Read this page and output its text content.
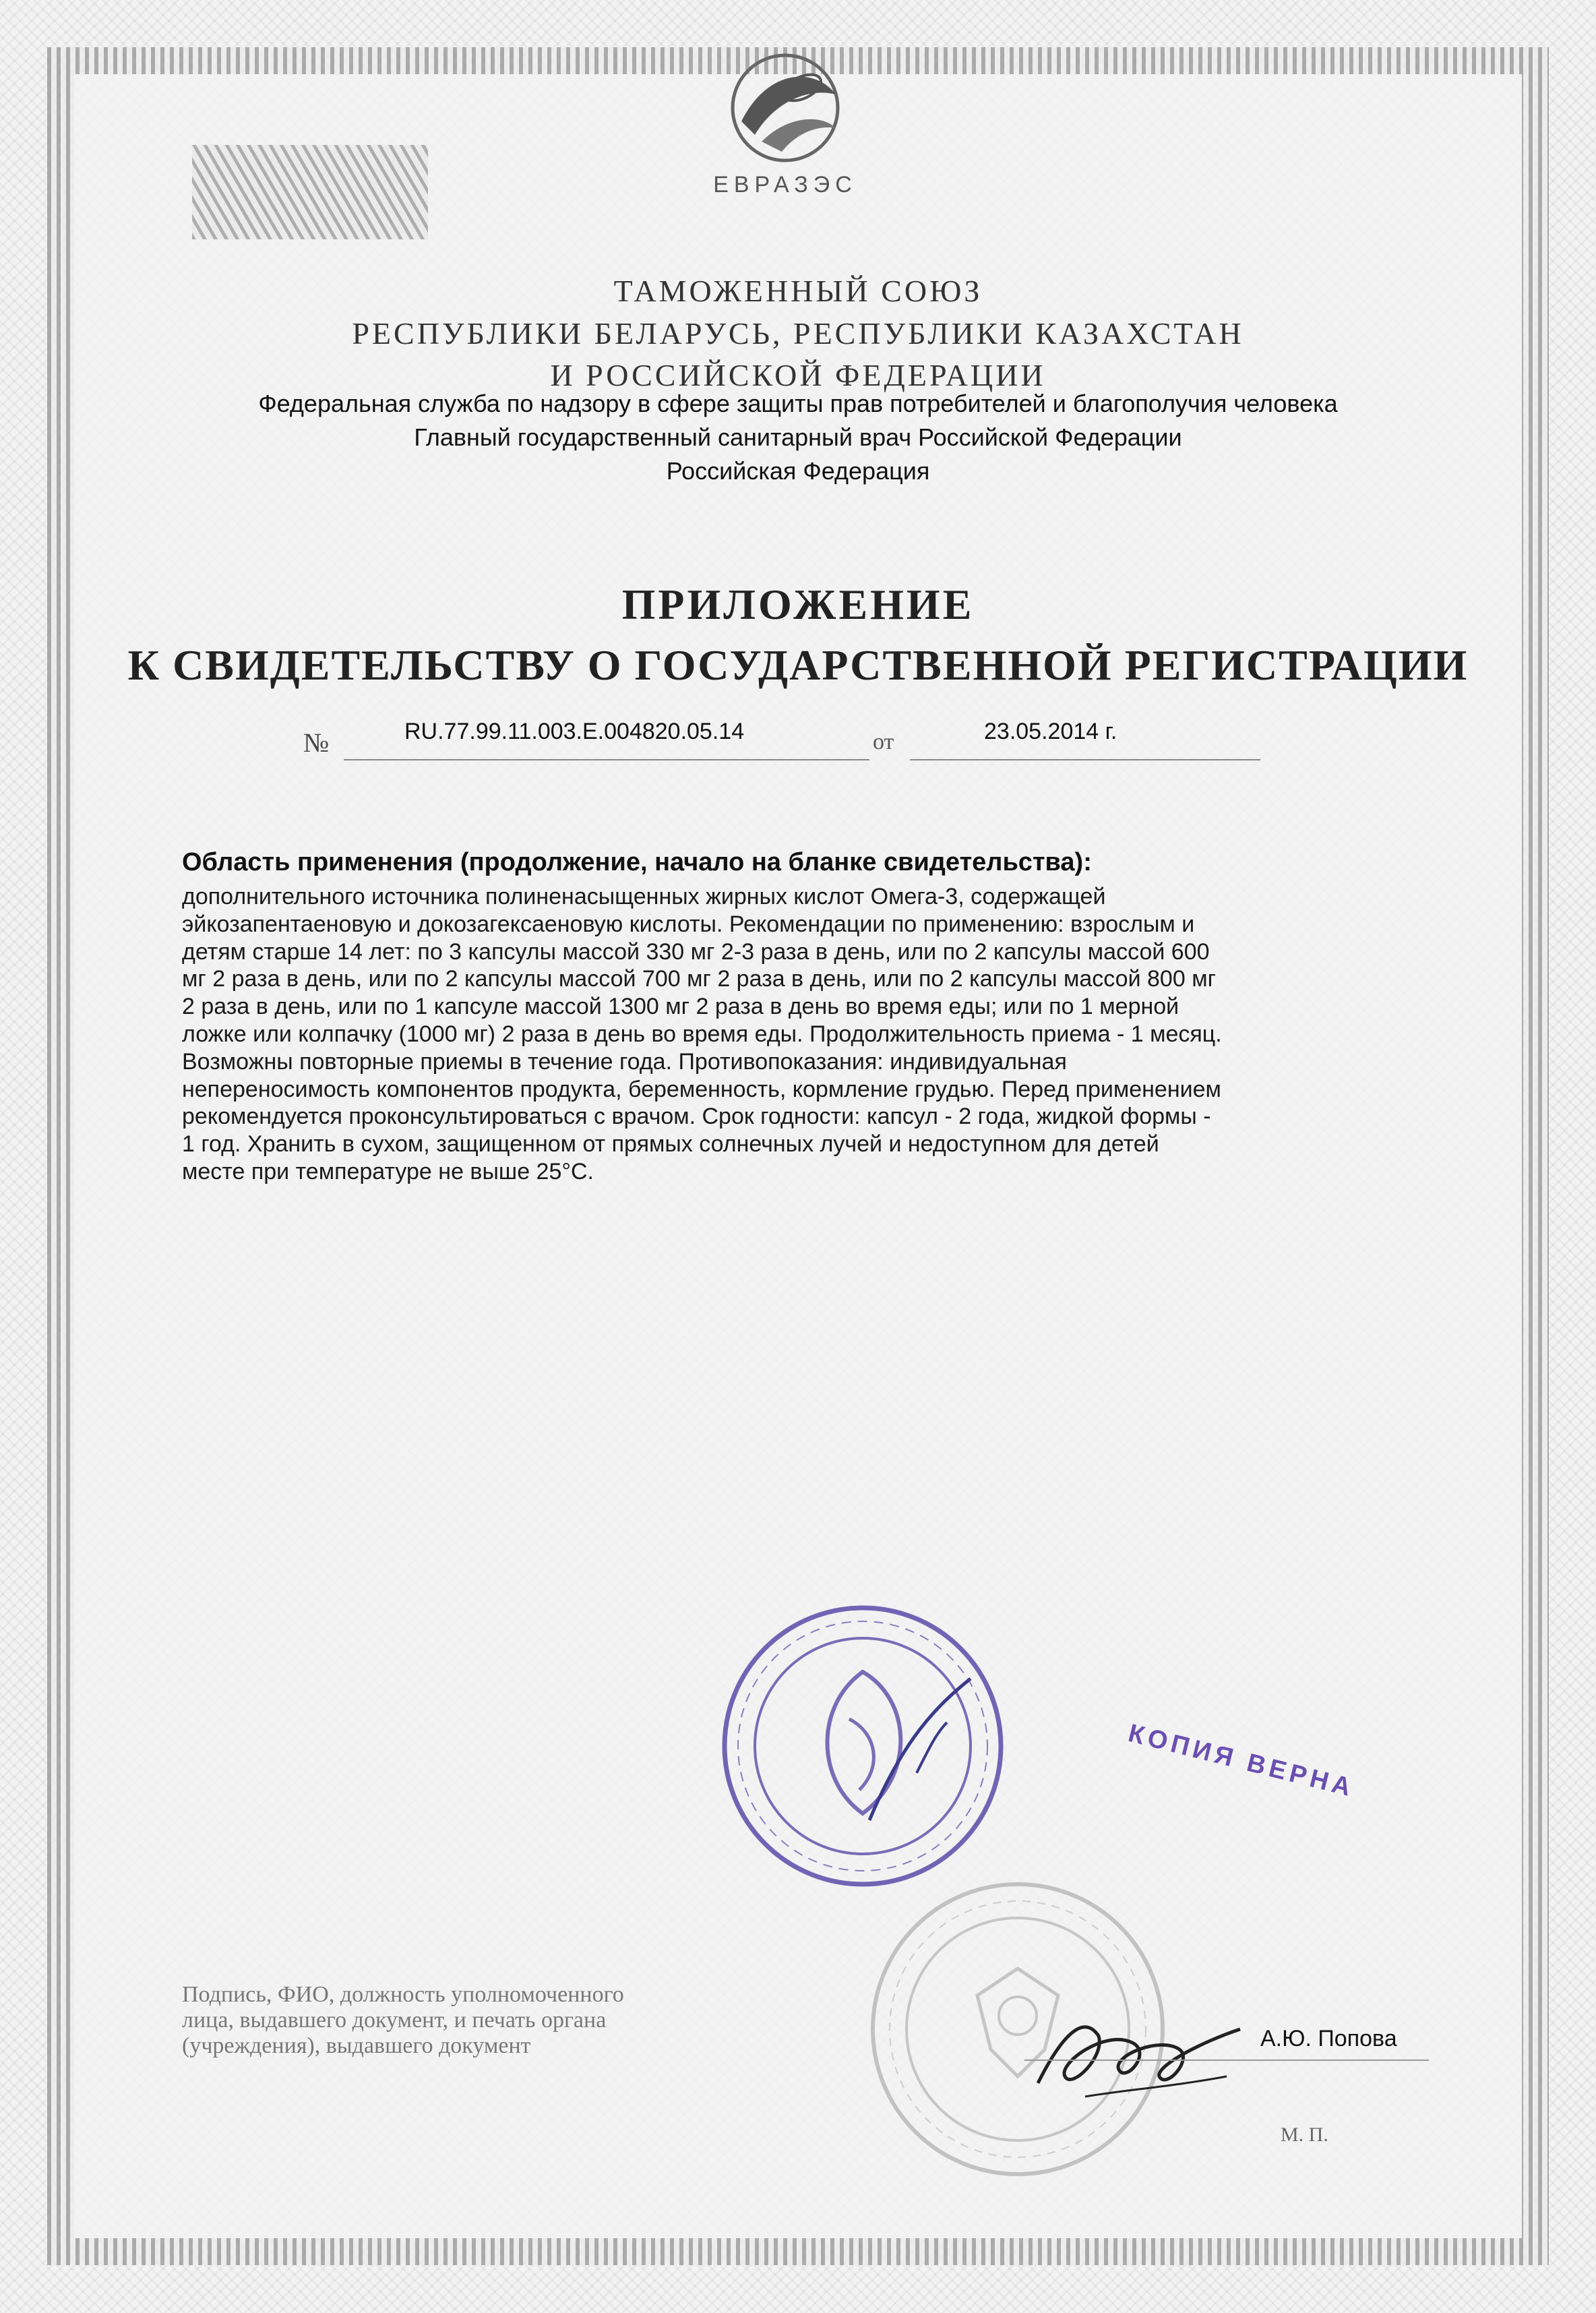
ЕВРАЗЭС
ТАМОЖЕННЫЙ СОЮЗ
РЕСПУБЛИКИ БЕЛАРУСЬ, РЕСПУБЛИКИ КАЗАХСТАН
И РОССИЙСКОЙ ФЕДЕРАЦИИ
Федеральная служба по надзору в сфере защиты прав потребителей и благополучия человека
Главный государственный санитарный врач Российской Федерации
Российская Федерация
ПРИЛОЖЕНИЕ
К СВИДЕТЕЛЬСТВУ О ГОСУДАРСТВЕННОЙ РЕГИСТРАЦИИ
№	RU.77.99.11.003.Е.004820.05.14	от	23.05.2014 г.
Область применения (продолжение, начало на бланке свидетельства):
дополнительного источника полиненасыщенных жирных кислот Омега-3, содержащей
эйкозапентаеновую и докозагексаеновую кислоты. Рекомендации по применению: взрослым и
детям старше 14 лет: по 3 капсулы массой 330 мг 2-3 раза в день, или по 2 капсулы массой 600
мг 2 раза в день, или по 2 капсулы массой 700 мг 2 раза в день, или по 2 капсулы массой 800 мг
2 раза в день, или по 1 капсуле массой 1300 мг 2 раза в день во время еды; или по 1 мерной
ложке или колпачку (1000 мг) 2 раза в день во время еды. Продолжительность приема - 1 месяц.
Возможны повторные приемы в течение года. Противопоказания: индивидуальная
непереносимость компонентов продукта, беременность, кормление грудью. Перед применением
рекомендуется проконсультироваться с врачом. Срок годности: капсул - 2 года, жидкой формы -
1 год. Хранить в сухом, защищенном от прямых солнечных лучей и недоступном для детей
месте при температуре не выше 25°С.
КОПИЯ ВЕРНА
Подпись, ФИО, должность уполномоченного
лица, выдавшего документ, и печать органа
(учреждения), выдавшего документ	А.Ю. Попова
М. П.
